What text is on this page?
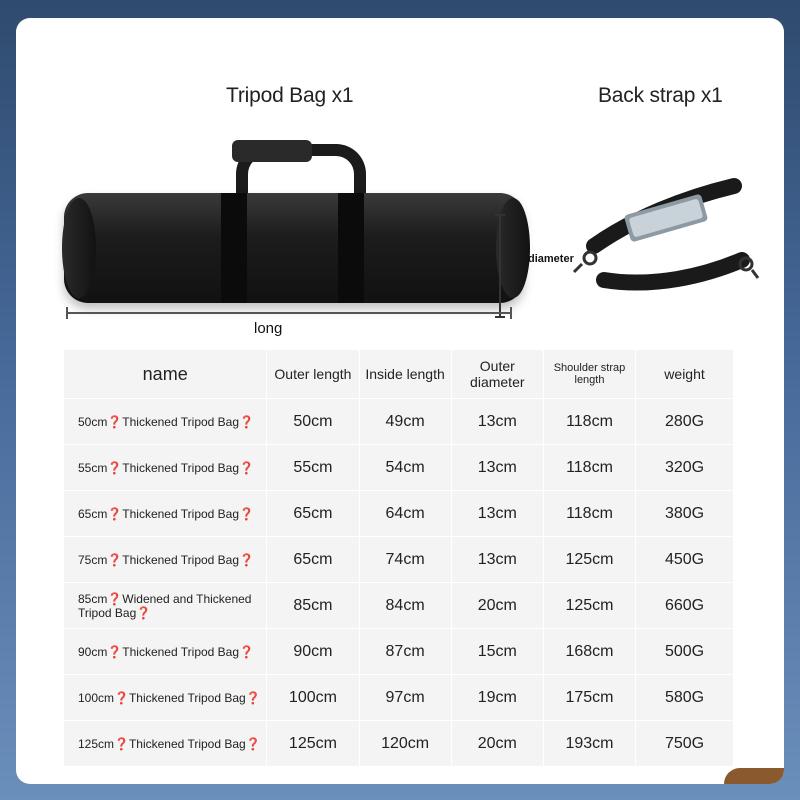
Tripod Bag x1	Back strap x1
diameter
long
name	Outer length	Inside length	Outer diameter	Shoulder strap length	weight
50cm❓Thickened Tripod Bag❓	50cm	49cm	13cm	118cm	280G
55cm❓Thickened Tripod Bag❓	55cm	54cm	13cm	118cm	320G
65cm❓Thickened Tripod Bag❓	65cm	64cm	13cm	118cm	380G
75cm❓Thickened Tripod Bag❓	65cm	74cm	13cm	125cm	450G
85cm❓Widened and Thickened Tripod Bag❓	85cm	84cm	20cm	125cm	660G
90cm❓Thickened Tripod Bag❓	90cm	87cm	15cm	168cm	500G
100cm❓Thickened Tripod Bag❓	100cm	97cm	19cm	175cm	580G
125cm❓Thickened Tripod Bag❓	125cm	120cm	20cm	193cm	750G
